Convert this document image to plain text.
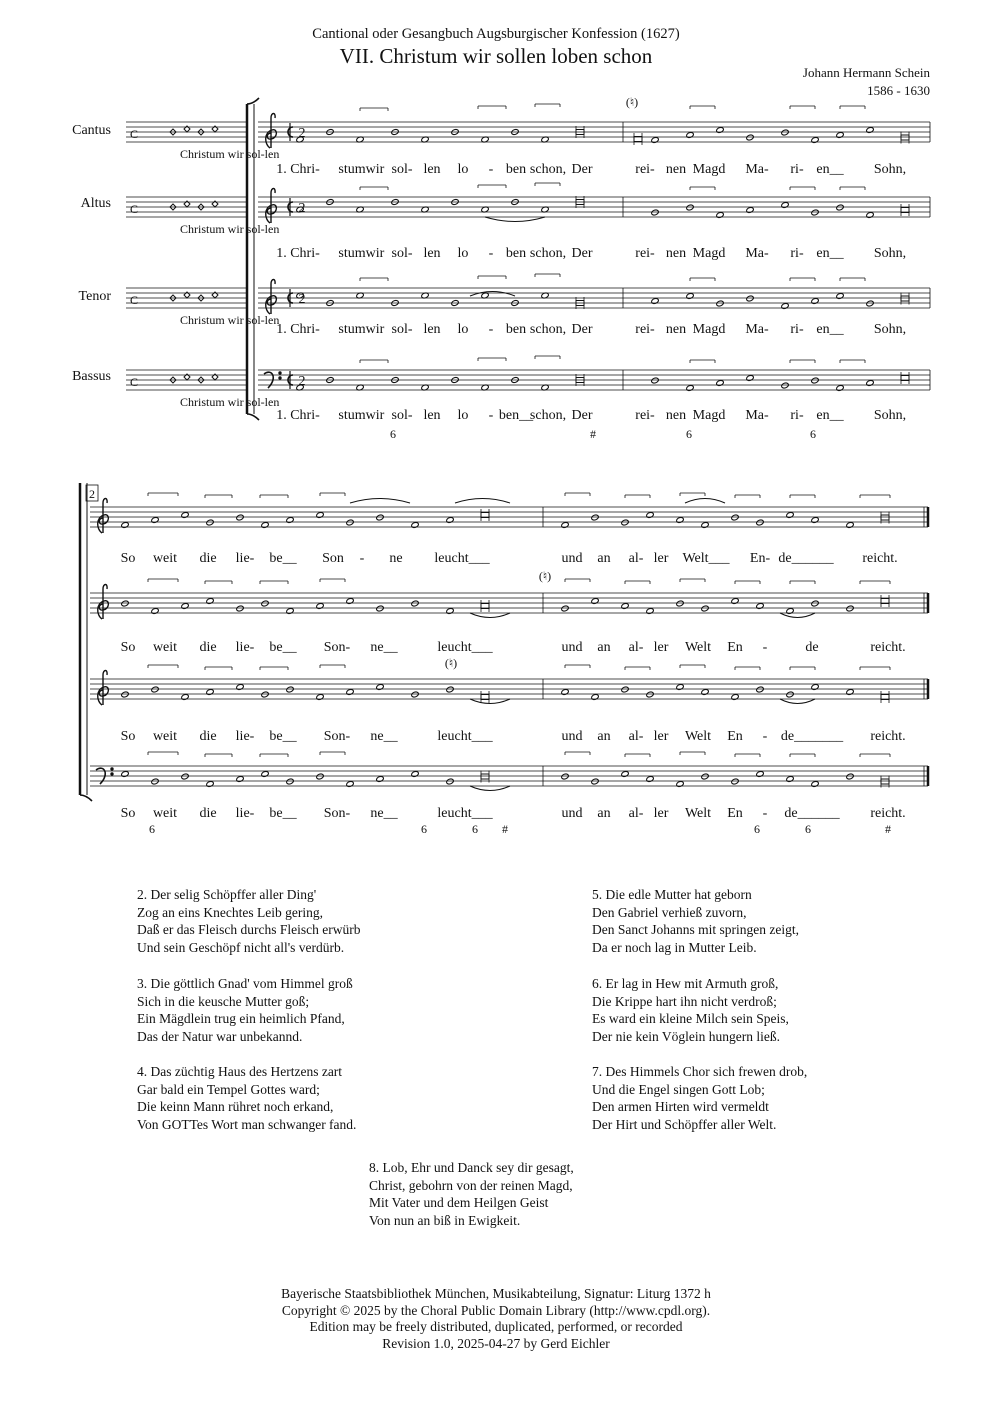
Cantional oder Gesangbuch Augsburgischer Konfession (1627)
VII. Christum wir sollen loben schon
Johann Hermann Schein
1586 - 1630
Cantus
Altus
Tenor
Bassus
2
C
Christum wir sol-len
2
C
Christum wir sol-len
2
C
Christum wir sol-len
2
C
Christum wir sol-len
(♮)
1. Chri- stum wir sol- len lo - ben schon, Der	rei- nen Magd Ma- ri- en__ Sohn,
1. Chri- stum wir sol- len lo - ben schon, Der	rei- nen Magd Ma- ri- en__ Sohn,
1. Chri- stum wir sol- len lo - ben schon, Der	rei- nen Magd Ma- ri- en__ Sohn,
1. Chri- stum wir sol- len lo - ben__
schon, Der	rei- nen Magd Ma- ri- en__ Sohn,
6	#	6	6
2
(♮)
(♮)
So weit die lie- be__ Son - ne leucht___	und an al- ler Welt___ En- de______ reicht.
So weit die lie- be__ Son- ne__	leucht___	und an al- ler Welt En -	de	reicht.
So weit die lie- be__ Son- ne__	leucht___	und an al- ler Welt En - de_______ reicht.
So weit die lie- be__ Son- ne__	leucht___	und an al- ler Welt En - de______ reicht.
6	6	6 #	6	6	#
2. Der selig Schöpffer aller Ding'
Zog an eins Knechtes Leib gering,
Daß er das Fleisch durchs Fleisch erwürb
Und sein Geschöpf nicht all's verdürb.
3. Die göttlich Gnad' vom Himmel groß
Sich in die keusche Mutter goß;
Ein Mägdlein trug ein heimlich Pfand,
Das der Natur war unbekannd.
4. Das züchtig Haus des Hertzens zart
Gar bald ein Tempel Gottes ward;
Die keinn Mann rühret noch erkand,
Von GOTTes Wort man schwanger fand.
5. Die edle Mutter hat geborn
Den Gabriel verhieß zuvorn,
Den Sanct Johanns mit springen zeigt,
Da er noch lag in Mutter Leib.
6. Er lag in Hew mit Armuth groß,
Die Krippe hart ihn nicht verdroß;
Es ward ein kleine Milch sein Speis,
Der nie kein Vöglein hungern ließ.
7. Des Himmels Chor sich frewen drob,
Und die Engel singen Gott Lob;
Den armen Hirten wird vermeldt
Der Hirt und Schöpffer aller Welt.
8. Lob, Ehr und Danck sey dir gesagt,
Christ, gebohrn von der reinen Magd,
Mit Vater und dem Heilgen Geist
Von nun an biß in Ewigkeit.
Bayerische Staatsbibliothek München, Musikabteilung, Signatur: Liturg 1372 h
Copyright © 2025 by the Choral Public Domain Library (http://www.cpdl.org).
Edition may be freely distributed, duplicated, performed, or recorded
Revision 1.0, 2025-04-27 by Gerd Eichler
